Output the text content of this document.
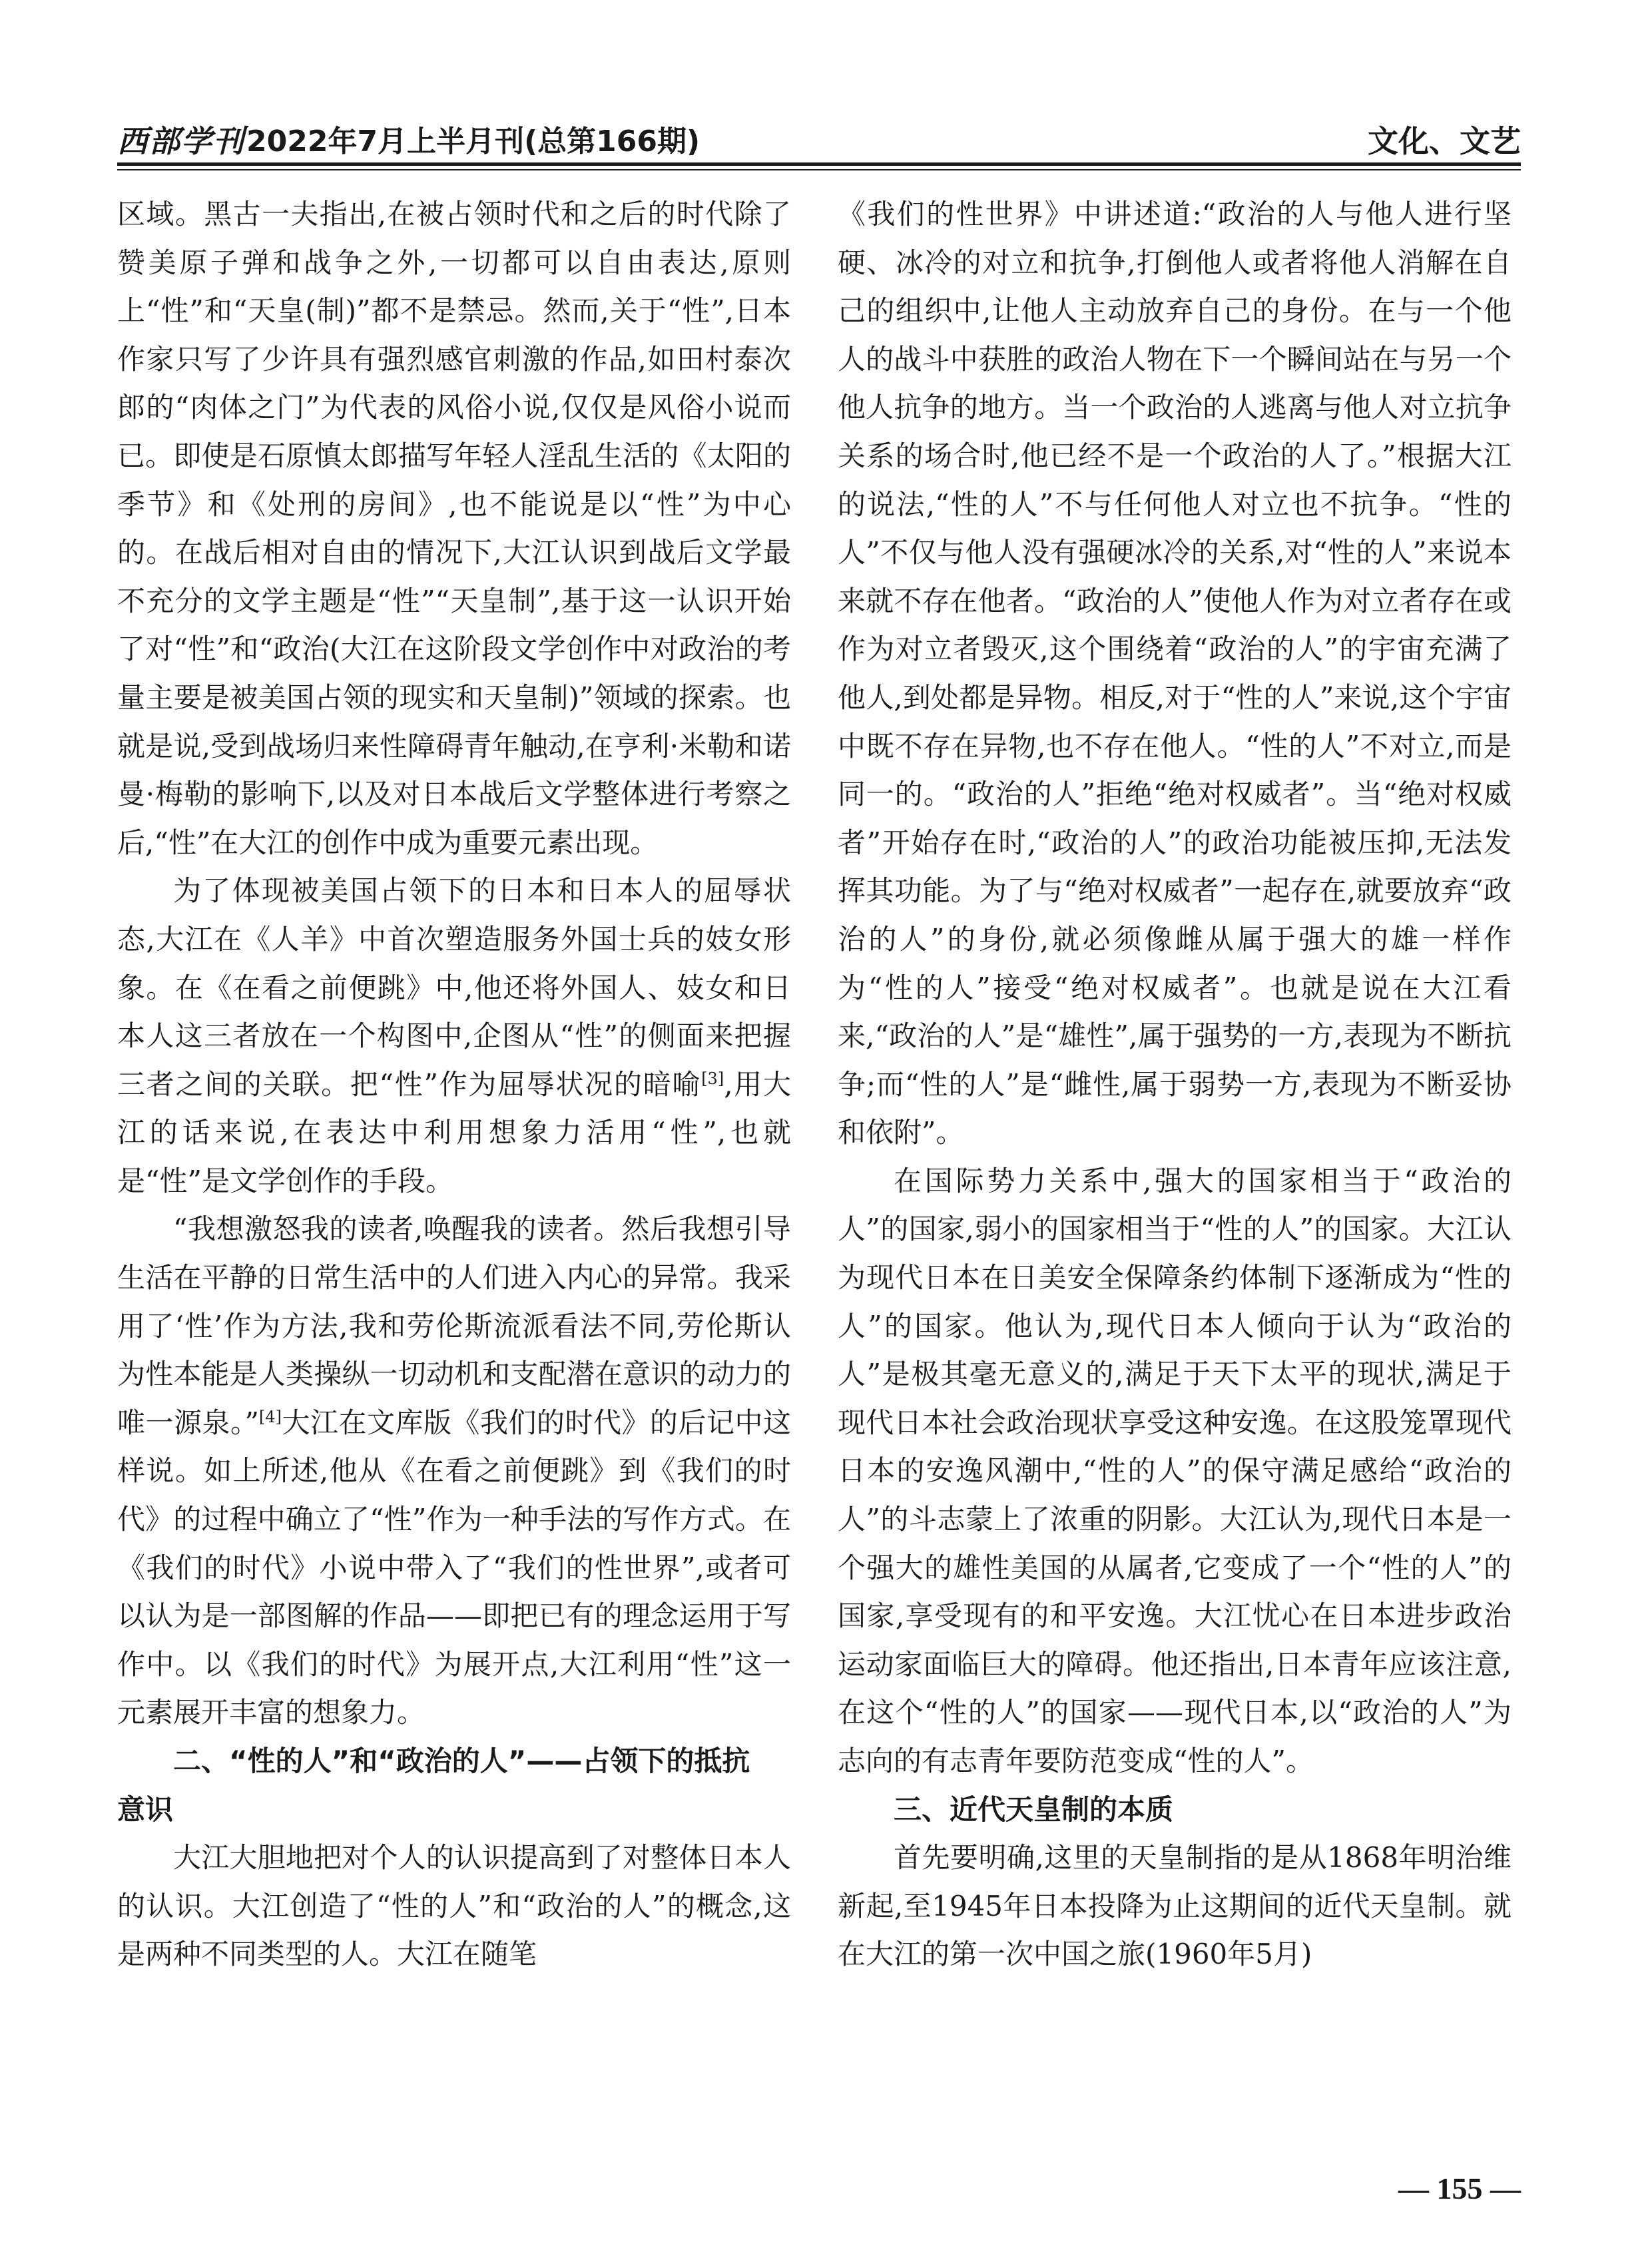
西部学刊 2022年7月上半月刊(总第166期)	文化、文艺

区域。黑古一夫指出,在被占领时代和之后的时代除了赞美原子弹和战争之外,一切都可以自由表达,原则上“性”和“天皇(制)”都不是禁忌。然而,关于“性”,日本作家只写了少许具有强烈感官刺激的作品,如田村泰次郎的“肉体之门”为代表的风俗小说,仅仅是风俗小说而已。即使是石原慎太郎描写年轻人淫乱生活的《太阳的季节》和《处刑的房间》,也不能说是以“性”为中心的。在战后相对自由的情况下,大江认识到战后文学最不充分的文学主题是“性”“天皇制”,基于这一认识开始了对“性”和“政治(大江在这阶段文学创作中对政治的考量主要是被美国占领的现实和天皇制)”领域的探索。也就是说,受到战场归来性障碍青年触动,在亨利·米勒和诺曼·梅勒的影响下,以及对日本战后文学整体进行考察之后,“性”在大江的创作中成为重要元素出现。

为了体现被美国占领下的日本和日本人的屈辱状态,大江在《人羊》中首次塑造服务外国士兵的妓女形象。在《在看之前便跳》中,他还将外国人、妓女和日本人这三者放在一个构图中,企图从“性”的侧面来把握三者之间的关联。把“性”作为屈辱状况的暗喻[3],用大江的话来说,在表达中利用想象力活用“性”,也就是“性”是文学创作的手段。

“我想激怒我的读者,唤醒我的读者。然后我想引导生活在平静的日常生活中的人们进入内心的异常。我采用了‘性’作为方法,我和劳伦斯流派看法不同,劳伦斯认为性本能是人类操纵一切动机和支配潜在意识的动力的唯一源泉。”[4]大江在文库版《我们的时代》的后记中这样说。如上所述,他从《在看之前便跳》到《我们的时代》的过程中确立了“性”作为一种手法的写作方式。在《我们的时代》小说中带入了“我们的性世界”,或者可以认为是一部图解的作品——即把已有的理念运用于写作中。以《我们的时代》为展开点,大江利用“性”这一元素展开丰富的想象力。

二、“性的人”和“政治的人”——占领下的抵抗
意识

大江大胆地把对个人的认识提高到了对整体日本人的认识。大江创造了“性的人”和“政治的人”的概念,这是两种不同类型的人。大江在随笔

《我们的性世界》中讲述道:“政治的人与他人进行坚硬、冰冷的对立和抗争,打倒他人或者将他人消解在自己的组织中,让他人主动放弃自己的身份。在与一个他人的战斗中获胜的政治人物在下一个瞬间站在与另一个他人抗争的地方。当一个政治的人逃离与他人对立抗争关系的场合时,他已经不是一个政治的人了。”根据大江的说法,“性的人”不与任何他人对立也不抗争。“性的人”不仅与他人没有强硬冰冷的关系,对“性的人”来说本来就不存在他者。“政治的人”使他人作为对立者存在或作为对立者毁灭,这个围绕着“政治的人”的宇宙充满了他人,到处都是异物。相反,对于“性的人”来说,这个宇宙中既不存在异物,也不存在他人。“性的人”不对立,而是同一的。“政治的人”拒绝“绝对权威者”。当“绝对权威者”开始存在时,“政治的人”的政治功能被压抑,无法发挥其功能。为了与“绝对权威者”一起存在,就要放弃“政治的人”的身份,就必须像雌从属于强大的雄一样作为“性的人”接受“绝对权威者”。也就是说在大江看来,“政治的人”是“雄性”,属于强势的一方,表现为不断抗争;而“性的人”是“雌性,属于弱势一方,表现为不断妥协和依附”。

在国际势力关系中,强大的国家相当于“政治的人”的国家,弱小的国家相当于“性的人”的国家。大江认为现代日本在日美安全保障条约体制下逐渐成为“性的人”的国家。他认为,现代日本人倾向于认为“政治的人”是极其毫无意义的,满足于天下太平的现状,满足于现代日本社会政治现状享受这种安逸。在这股笼罩现代日本的安逸风潮中,“性的人”的保守满足感给“政治的人”的斗志蒙上了浓重的阴影。大江认为,现代日本是一个强大的雄性美国的从属者,它变成了一个“性的人”的国家,享受现有的和平安逸。大江忧心在日本进步政治运动家面临巨大的障碍。他还指出,日本青年应该注意,在这个“性的人”的国家——现代日本,以“政治的人”为志向的有志青年要防范变成“性的人”。

三、近代天皇制的本质

首先要明确,这里的天皇制指的是从1868年明治维新起,至1945年日本投降为止这期间的近代天皇制。就在大江的第一次中国之旅(1960年5月)

— 155 —
